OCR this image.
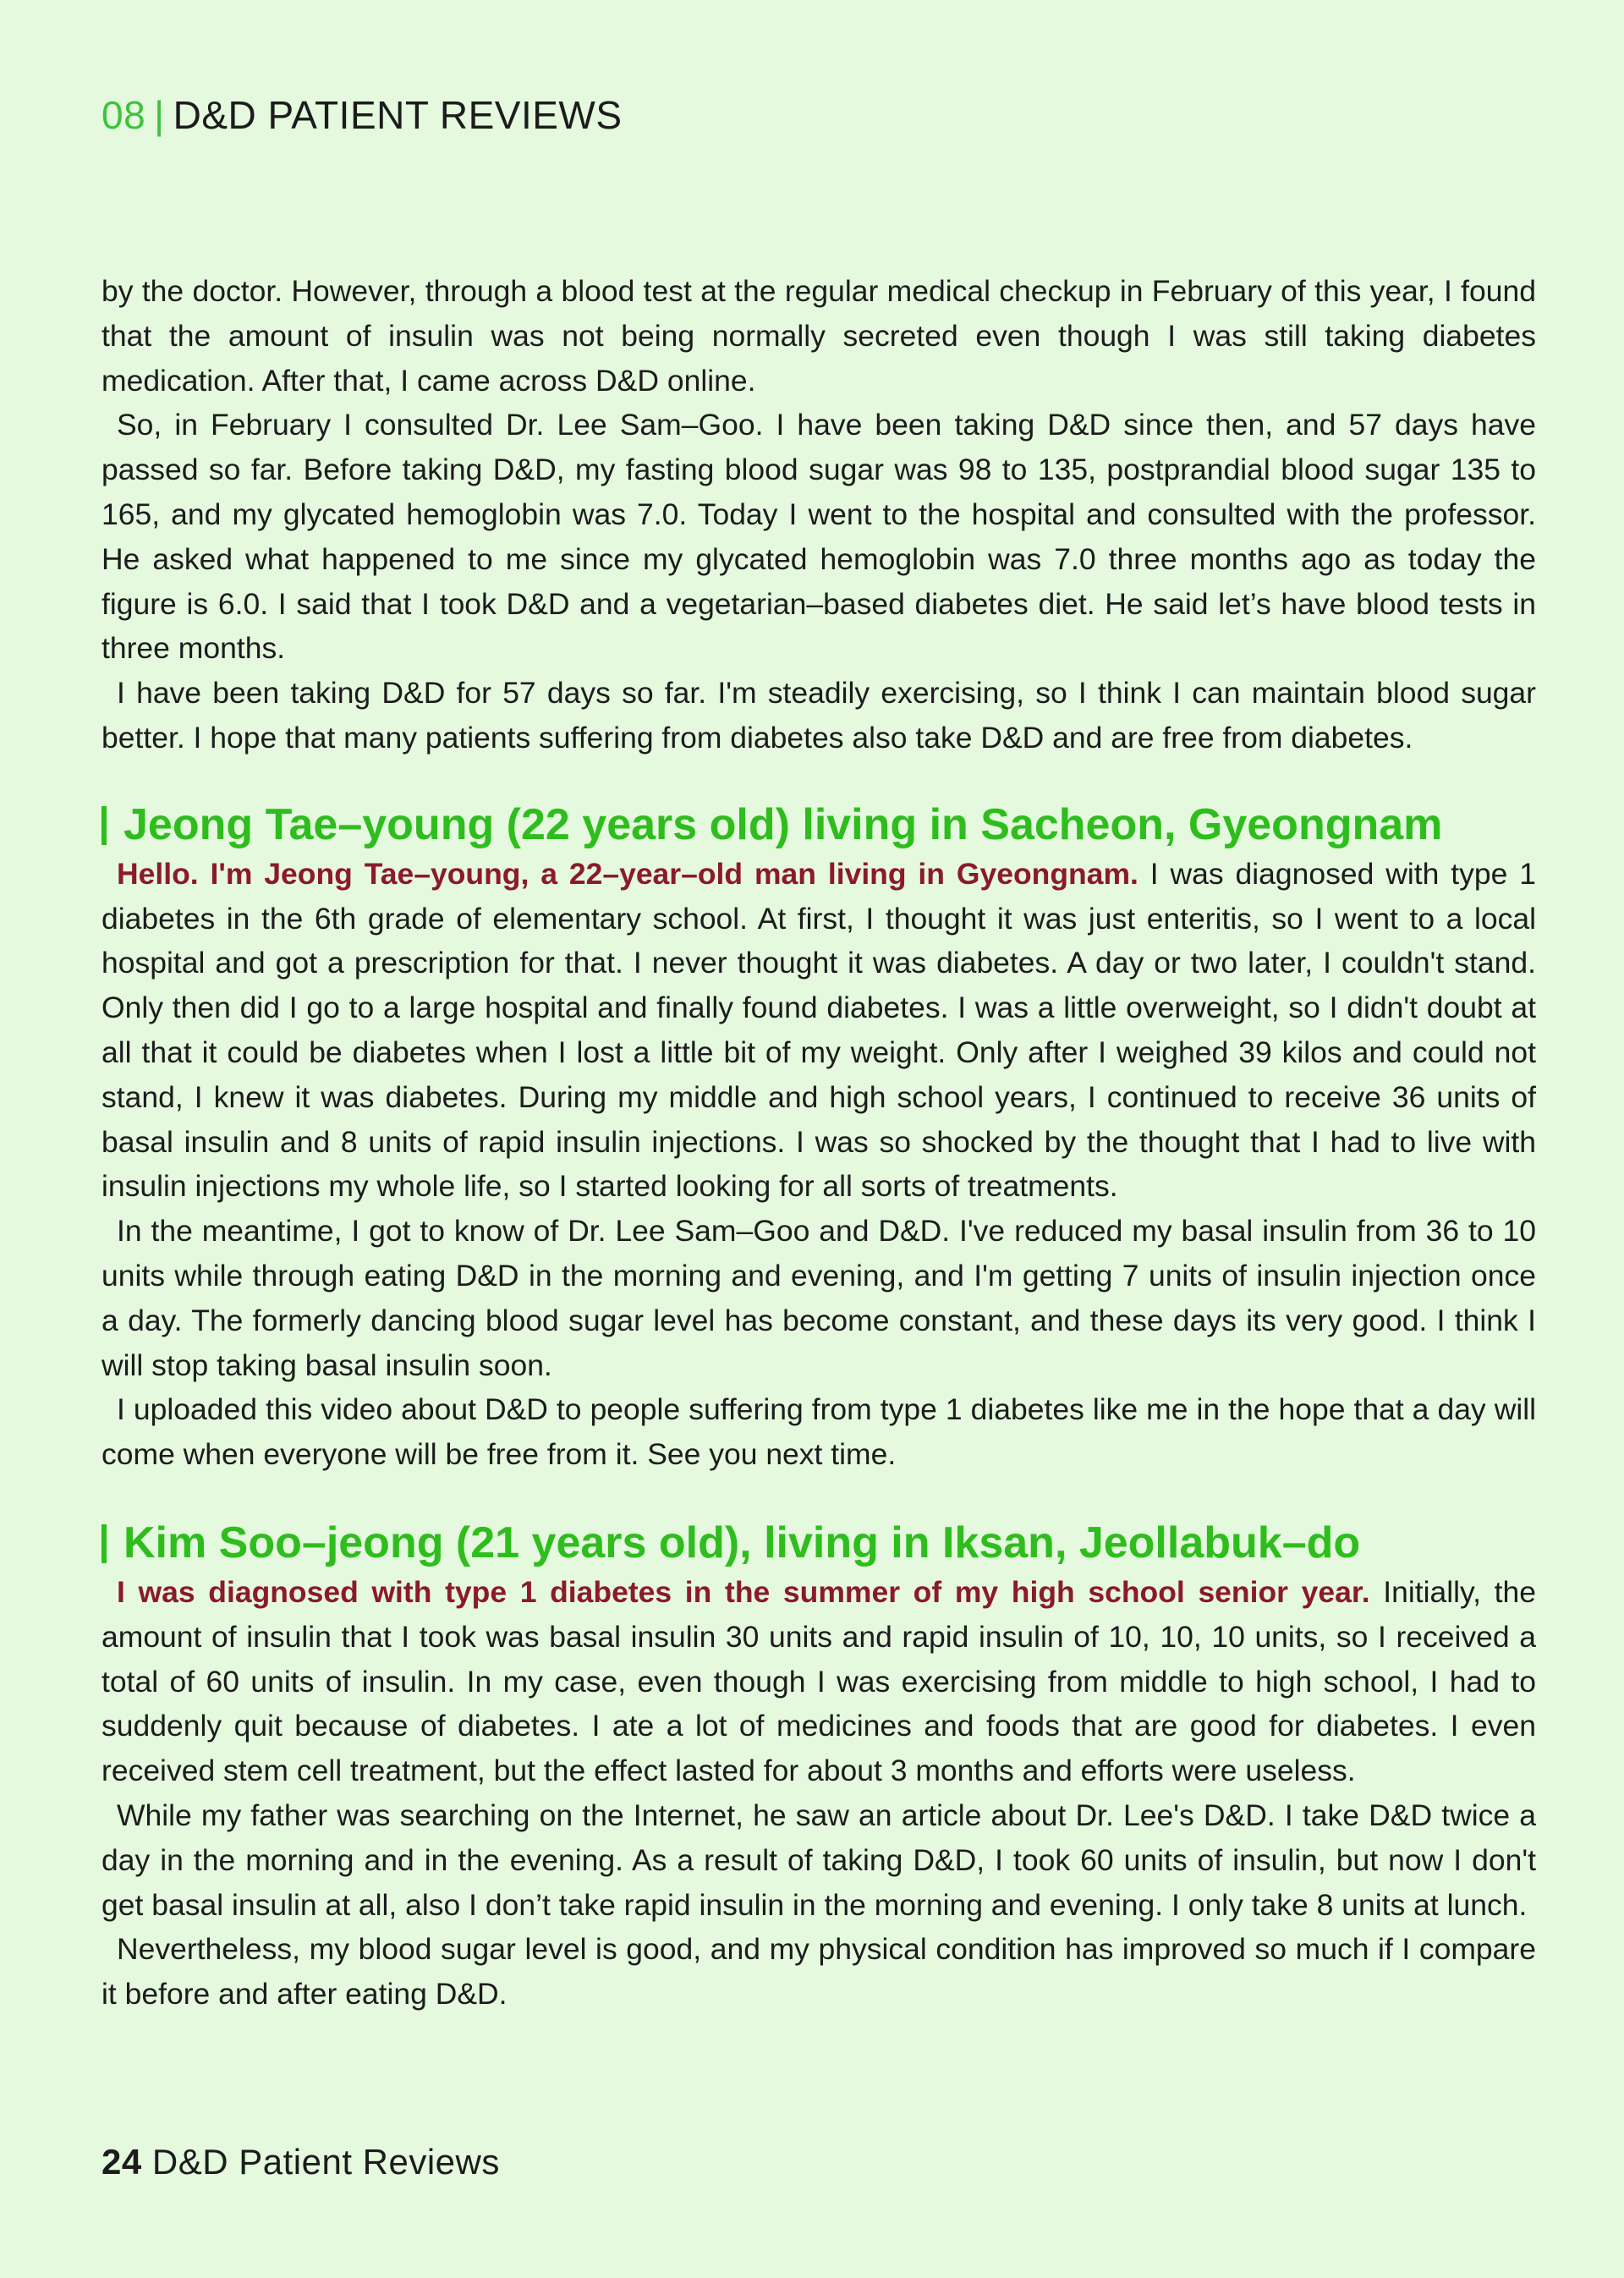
08 | D&D PATIENT REVIEWS

by the doctor. However, through a blood test at the regular medical checkup in February of this year, I found that the amount of insulin was not being normally secreted even though I was still taking diabetes medication. After that, I came across D&D online.

So, in February I consulted Dr. Lee Sam–Goo. I have been taking D&D since then, and 57 days have passed so far. Before taking D&D, my fasting blood sugar was 98 to 135, postprandial blood sugar 135 to 165, and my glycated hemoglobin was 7.0. Today I went to the hospital and consulted with the professor. He asked what happened to me since my glycated hemoglobin was 7.0 three months ago as today the figure is 6.0. I said that I took D&D and a vegetarian–based diabetes diet. He said let’s have blood tests in three months.

I have been taking D&D for 57 days so far. I'm steadily exercising, so I think I can maintain blood sugar better. I hope that many patients suffering from diabetes also take D&D and are free from diabetes.

Jeong Tae–young (22 years old) living in Sacheon, Gyeongnam

Hello. I'm Jeong Tae–young, a 22–year–old man living in Gyeongnam. I was diagnosed with type 1 diabetes in the 6th grade of elementary school. At first, I thought it was just enteritis, so I went to a local hospital and got a prescription for that. I never thought it was diabetes. A day or two later, I couldn't stand. Only then did I go to a large hospital and finally found diabetes. I was a little overweight, so I didn't doubt at all that it could be diabetes when I lost a little bit of my weight. Only after I weighed 39 kilos and could not stand, I knew it was diabetes. During my middle and high school years, I continued to receive 36 units of basal insulin and 8 units of rapid insulin injections. I was so shocked by the thought that I had to live with insulin injections my whole life, so I started looking for all sorts of treatments.

In the meantime, I got to know of Dr. Lee Sam–Goo and D&D. I've reduced my basal insulin from 36 to 10 units while through eating D&D in the morning and evening, and I'm getting 7 units of insulin injection once a day. The formerly dancing blood sugar level has become constant, and these days its very good. I think I will stop taking basal insulin soon.

I uploaded this video about D&D to people suffering from type 1 diabetes like me in the hope that a day will come when everyone will be free from it. See you next time.

Kim Soo–jeong (21 years old), living in Iksan, Jeollabuk–do

I was diagnosed with type 1 diabetes in the summer of my high school senior year. Initially, the amount of insulin that I took was basal insulin 30 units and rapid insulin of 10, 10, 10 units, so I received a total of 60 units of insulin. In my case, even though I was exercising from middle to high school, I had to suddenly quit because of diabetes. I ate a lot of medicines and foods that are good for diabetes. I even received stem cell treatment, but the effect lasted for about 3 months and efforts were useless.

While my father was searching on the Internet, he saw an article about Dr. Lee's D&D. I take D&D twice a day in the morning and in the evening. As a result of taking D&D, I took 60 units of insulin, but now I don't get basal insulin at all, also I don’t take rapid insulin in the morning and evening. I only take 8 units at lunch.

Nevertheless, my blood sugar level is good, and my physical condition has improved so much if I compare it before and after eating D&D.

24 D&D Patient Reviews
